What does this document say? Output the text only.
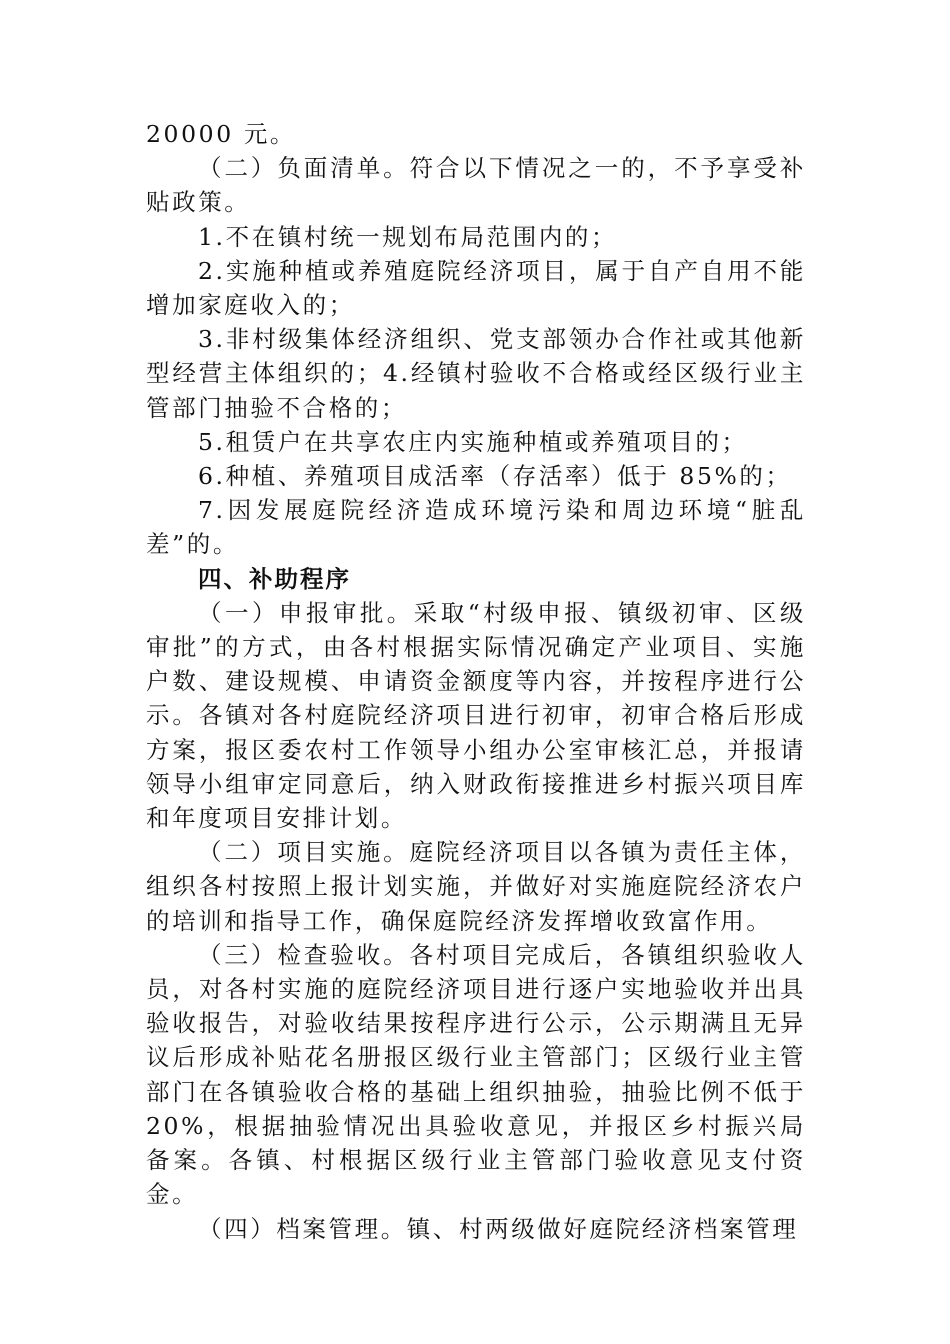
20000 元。

（二）负面清单。符合以下情况之一的，不予享受补贴政策。

1.不在镇村统一规划布局范围内的；

2.实施种植或养殖庭院经济项目，属于自产自用不能增加家庭收入的；

3.非村级集体经济组织、党支部领办合作社或其他新型经营主体组织的；4.经镇村验收不合格或经区级行业主管部门抽验不合格的；

5.租赁户在共享农庄内实施种植或养殖项目的；

6.种植、养殖项目成活率（存活率）低于 85%的；

7.因发展庭院经济造成环境污染和周边环境“脏乱差”的。

四、补助程序

（一）申报审批。采取“村级申报、镇级初审、区级审批”的方式，由各村根据实际情况确定产业项目、实施户数、建设规模、申请资金额度等内容，并按程序进行公示。各镇对各村庭院经济项目进行初审，初审合格后形成方案，报区委农村工作领导小组办公室审核汇总，并报请领导小组审定同意后，纳入财政衔接推进乡村振兴项目库和年度项目安排计划。

（二）项目实施。庭院经济项目以各镇为责任主体，组织各村按照上报计划实施，并做好对实施庭院经济农户的培训和指导工作，确保庭院经济发挥增收致富作用。

（三）检查验收。各村项目完成后，各镇组织验收人员，对各村实施的庭院经济项目进行逐户实地验收并出具验收报告，对验收结果按程序进行公示，公示期满且无异议后形成补贴花名册报区级行业主管部门；区级行业主管部门在各镇验收合格的基础上组织抽验，抽验比例不低于 20%，根据抽验情况出具验收意见，并报区乡村振兴局备案。各镇、村根据区级行业主管部门验收意见支付资金。

（四）档案管理。镇、村两级做好庭院经济档案管理
